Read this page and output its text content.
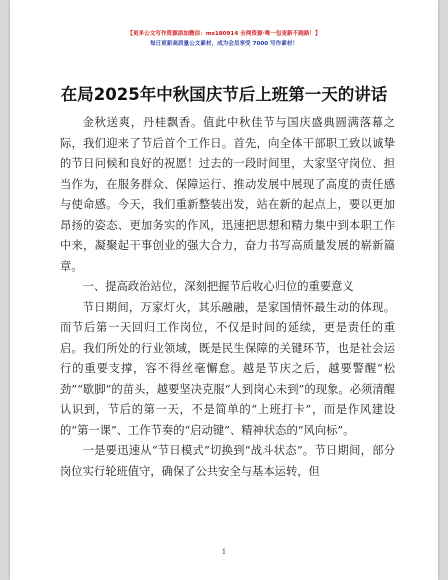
【更多公文写作资源添加微信：ms180914 全网资源·唯一包更新不跑路！】
每日更新高质量公文素材，成为会员享受 7000 写作素材！
在局2025年中秋国庆节后上班第一天的讲话

金秋送爽，丹桂飘香。值此中秋佳节与国庆盛典圆满落幕之际，我们迎来了节后首个工作日。首先，向全体干部职工致以诚挚的节日问候和良好的祝愿！过去的一段时间里，大家坚守岗位、担当作为，在服务群众、保障运行、推动发展中展现了高度的责任感与使命感。今天，我们重新整装出发，站在新的起点上，要以更加昂扬的姿态、更加务实的作风，迅速把思想和精力集中到本职工作中来，凝聚起干事创业的强大合力，奋力书写高质量发展的崭新篇章。

一、提高政治站位，深刻把握节后收心归位的重要意义

节日期间，万家灯火，其乐融融，是家国情怀最生动的体现。而节后第一天回归工作岗位，不仅是时间的延续，更是责任的重启。我们所处的行业领域，既是民生保障的关键环节，也是社会运行的重要支撑，容不得丝毫懈怠。越是节庆之后，越要警醒“松劲”“歇脚”的苗头，越要坚决克服“人到岗心未到”的现象。必须清醒认识到，节后的第一天，不是简单的“上班打卡”，而是作风建设的“第一课”、工作节奏的“启动键”、精神状态的“风向标”。

一是要迅速从“节日模式”切换到“战斗状态”。节日期间，部分岗位实行轮班值守，确保了公共安全与基本运转，但

1
